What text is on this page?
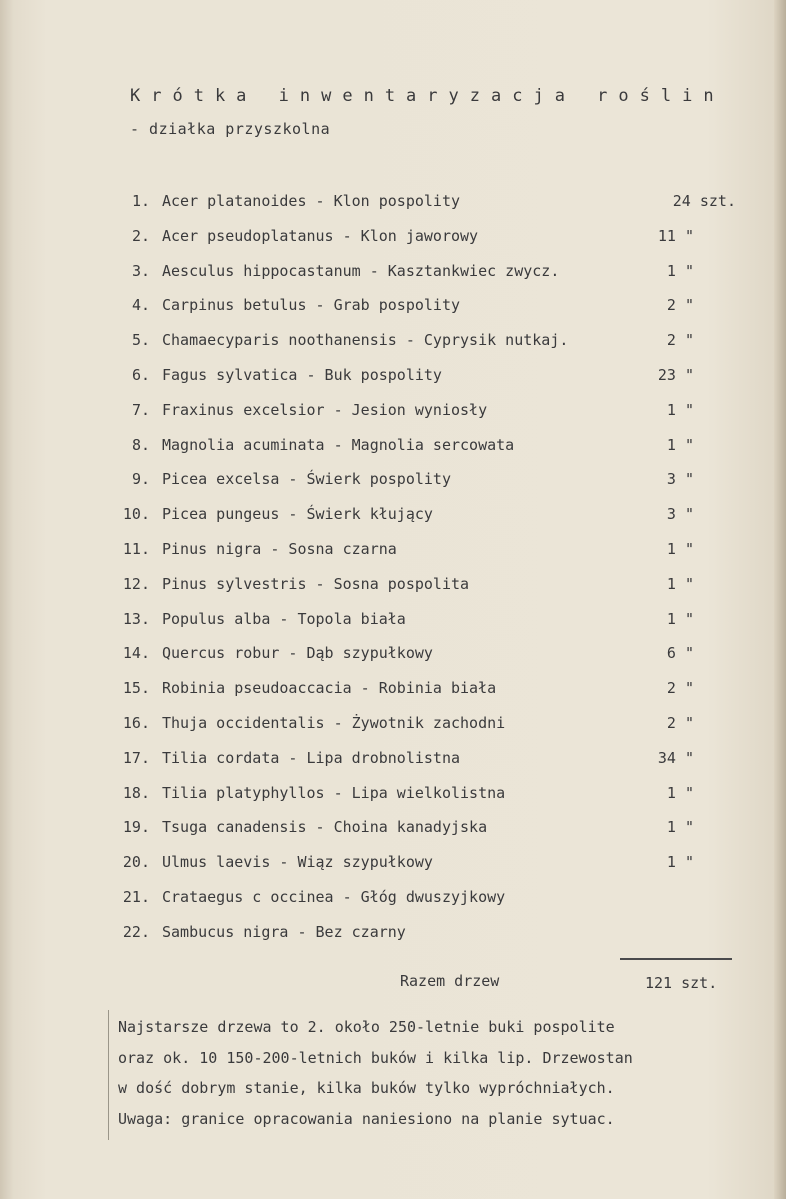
Krótka inwentaryzacja roślin
- działka przyszkolna
1. Acer platanoides - Klon pospolity	24 szt.
2. Acer pseudoplatanus - Klon jaworowy	11 "
3. Aesculus hippocastanum - Kasztankwiec zwycz.	1 "
4. Carpinus betulus - Grab pospolity	2 "
5. Chamaecyparis noothanensis - Cyprysik nutkaj.	2 "
6. Fagus sylvatica - Buk pospolity	23 "
7. Fraxinus excelsior - Jesion wyniosły	1 "
8. Magnolia acuminata - Magnolia sercowata	1 "
9. Picea excelsa - Świerk pospolity	3 "
10. Picea pungeus - Świerk kłujący	3 "
11. Pinus nigra - Sosna czarna	1 "
12. Pinus sylvestris - Sosna pospolita	1 "
13. Populus alba - Topola biała	1 "
14. Quercus robur - Dąb szypułkowy	6 "
15. Robinia pseudoaccacia - Robinia biała	2 "
16. Thuja occidentalis - Żywotnik zachodni	2 "
17. Tilia cordata - Lipa drobnolistna	34 "
18. Tilia platyphyllos - Lipa wielkolistna	1 "
19. Tsuga canadensis - Choina kanadyjska	1 "
20. Ulmus laevis - Wiąz szypułkowy	1 "
21. Crataegus c occinea - Głóg dwuszyjkowy
22. Sambucus nigra - Bez czarny
Razem drzew	121 szt.
Najstarsze drzewa to 2. około 250-letnie buki pospolite
oraz ok. 10 150-200-letnich buków i kilka lip. Drzewostan
w dość dobrym stanie, kilka buków tylko wypróchniałych.
Uwaga: granice opracowania naniesiono na planie sytuac.
